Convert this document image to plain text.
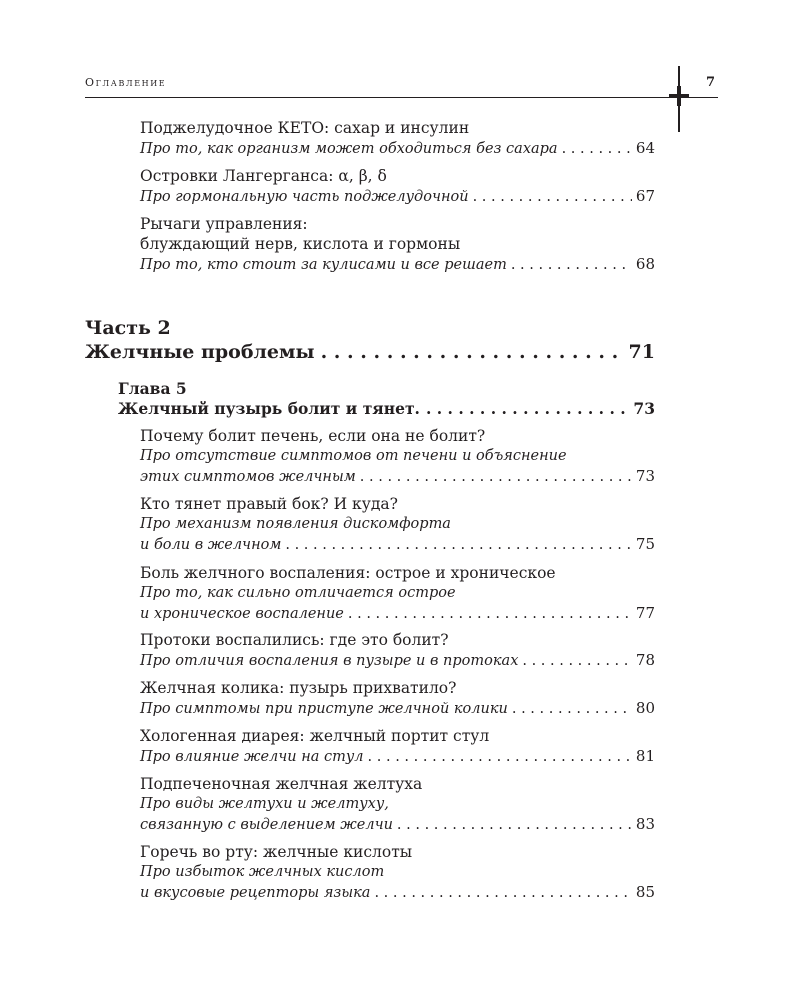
Оглавление	7
Поджелудочное КЕТО: сахар и инсулин
Про то, как организм может обходиться без сахара . . .	64
Островки Лангерганса: α, β, δ
Про гормональную часть поджелудочной . . .	67
Рычаги управления:
блуждающий нерв, кислота и гормоны
Про то, кто стоит за кулисами и все решает . . .	68
Часть 2
Желчные проблемы . . .	71
Глава 5
Желчный пузырь болит и тянет. . . .	73
Почему болит печень, если она не болит?
Про отсутствие симптомов от печени и объяснение
этих симптомов желчным . . .	73
Кто тянет правый бок? И куда?
Про механизм появления дискомфорта
и боли в желчном . . .	75
Боль желчного воспаления: острое и хроническое
Про то, как сильно отличается острое
и хроническое воспаление . . .	77
Протоки воспалились: где это болит?
Про отличия воспаления в пузыре и в протоках . . .	78
Желчная колика: пузырь прихватило?
Про симптомы при приступе желчной колики . . .	80
Хологенная диарея: желчный портит стул
Про влияние желчи на стул . . .	81
Подпеченочная желчная желтуха
Про виды желтухи и желтуху,
связанную с выделением желчи . . .	83
Горечь во рту: желчные кислоты
Про избыток желчных кислот
и вкусовые рецепторы языка . . .	85
